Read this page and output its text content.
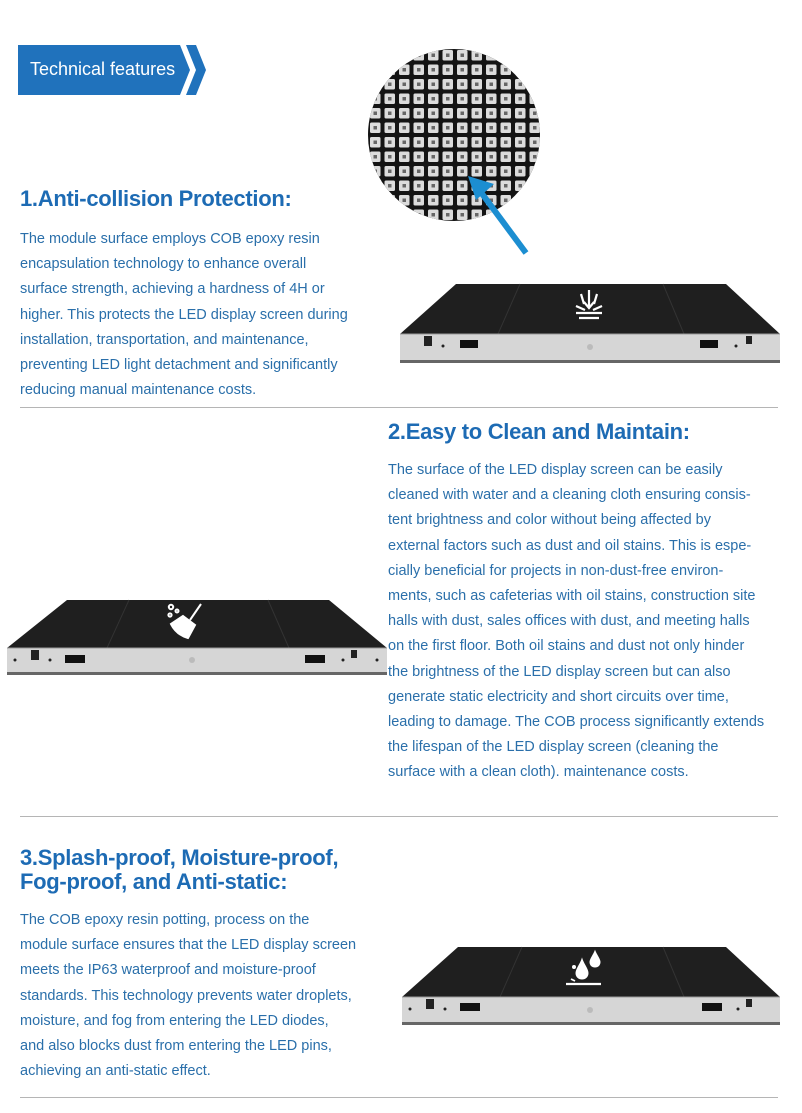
Technical features
1.Anti-collision Protection:
The module surface employs COB epoxy resin
encapsulation technology to enhance overall
surface strength, achieving a hardness of 4H or
higher. This protects the LED display screen during
installation, transportation, and maintenance,
preventing LED light detachment and significantly
reducing manual maintenance costs.
2.Easy to Clean and Maintain:
The surface of the LED display screen can be easily
cleaned with water and a cleaning cloth ensuring consis-
tent brightness and color without being affected by
external factors such as dust and oil stains. This is espe-
cially beneficial for projects in non-dust-free environ-
ments, such as cafeterias with oil stains, construction site
halls with dust, sales offices with dust, and meeting halls
on the first floor. Both oil stains and dust not only hinder
the brightness of the LED display screen but can also
generate static electricity and short circuits over time,
leading to damage. The COB process significantly extends
the lifespan of the LED display screen (cleaning the
surface with a clean cloth). maintenance costs.
3.Splash-proof, Moisture-proof,
Fog-proof, and Anti-static:
The COB epoxy resin potting, process on the
module surface ensures that the LED display screen
meets the IP63 waterproof and moisture-proof
standards. This technology prevents water droplets,
moisture, and fog from entering the LED diodes,
and also blocks dust from entering the LED pins,
achieving an anti-static effect.
